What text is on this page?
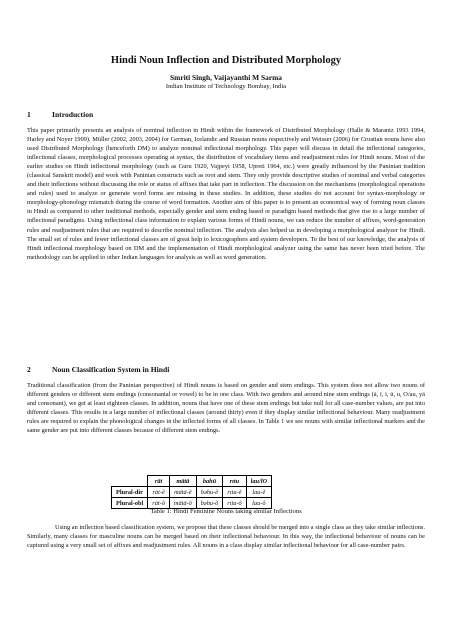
Hindi Noun Inflection and Distributed Morphology
Smriti Singh, Vaijayanthi M Sarma
Indian Institute of Technology Bombay, India
1	Introduction

This paper primarily presents an analysis of nominal inflection in Hindi within the framework of Distributed Morphology (Halle & Marantz 1993 1994, Harley and Noyer 1999). Müller (2002, 2003, 2004) for German, Icelandic and Russian nouns respectively and Weisser (2006) for Croatian nouns have also used Distributed Morphology (henceforth DM) to analyze nominal inflectional morphology. This paper will discuss in detail the inflectional categories, inflectional classes, morphological processes operating at syntax, the distribution of vocabulary items and readjustment rules for Hindi nouns. Most of the earlier studies on Hindi inflectional morphology (such as Guru 1920, Vajpeyi 1958, Upreti 1964, etc.) were greatly influenced by the Paninian tradition (classical Sanskrit model) and work with Paninian constructs such as root and stem. They only provide descriptive studies of nominal and verbal categories and their inflections without discussing the role or status of affixes that take part in inflection. The discussion on the mechanisms (morphological operations and rules) used to analyze or generate word forms are missing in these studies. In addition, these studies do not account for syntax-morphology or morphology-phonology mismatch during the course of word formation. Another aim of this paper is to present an economical way of forming noun classes in Hindi as compared to other traditional methods, especially gender and stem ending based or paradigm based methods that give rise to a large number of inflectional paradigms. Using inflectional class information to explain various forms of Hindi nouns, we can reduce the number of affixes, word-generation rules and readjustment rules that are required to describe nominal inflection. The analysis also helped us in developing a morphological analyzer for Hindi. The small set of rules and fewer inflectional classes are of great help to lexicographers and system developers. To the best of our knowledge, the analysis of Hindi inflectional morphology based on DM and the implementation of Hindi morphological analyzer using the same has never been tried before. The methodology can be applied to other Indian languages for analysis as well as word generation.

2	Noun Classification System in Hindi

Traditional classification (from the Paninian perspective) of Hindi nouns is based on gender and stem endings. This system does not allow two nouns of different genders or different stem endings (consonantal or vowel) to be in one class. With two genders and around nine stem endings (ā, ī, i, ū, u, O/au, yā and consonant), we get at least eighteen classes. In addition, nouns that have one of these stem endings but take null for all case-number values, are put into different classes. This results in a large number of inflectional classes (around thirty) even if they display similar inflectional behaviour. Many readjustment rules are required to explain the phonological changes in the inflected forms of all classes. In Table 1 we see nouns with similar inflectional markers and the same gender are put into different classes because of different stem endings.

	rāt	mātā	bahū	rıtu	lau/lO
Plural-dir	rāt-ẽ	mātā-ẽ	bəhu-ẽ	rıtu-ẽ	lau-ẽ
Plural-obl	rāt-õ	mātā-õ	bəhu-õ	rıtu-õ	lau-õ
Table 1: Hindi Feminine Nouns taking similar Inflections

Using an inflection based classification system, we propose that these classes should be merged into a single class as they take similar inflections. Similarly, many classes for masculine nouns can be merged based on their inflectional behaviour. In this way, the inflectional behaviour of nouns can be captured using a very small set of affixes and readjustment rules. All nouns in a class display similar inflectional behaviour for all case-number pairs.
